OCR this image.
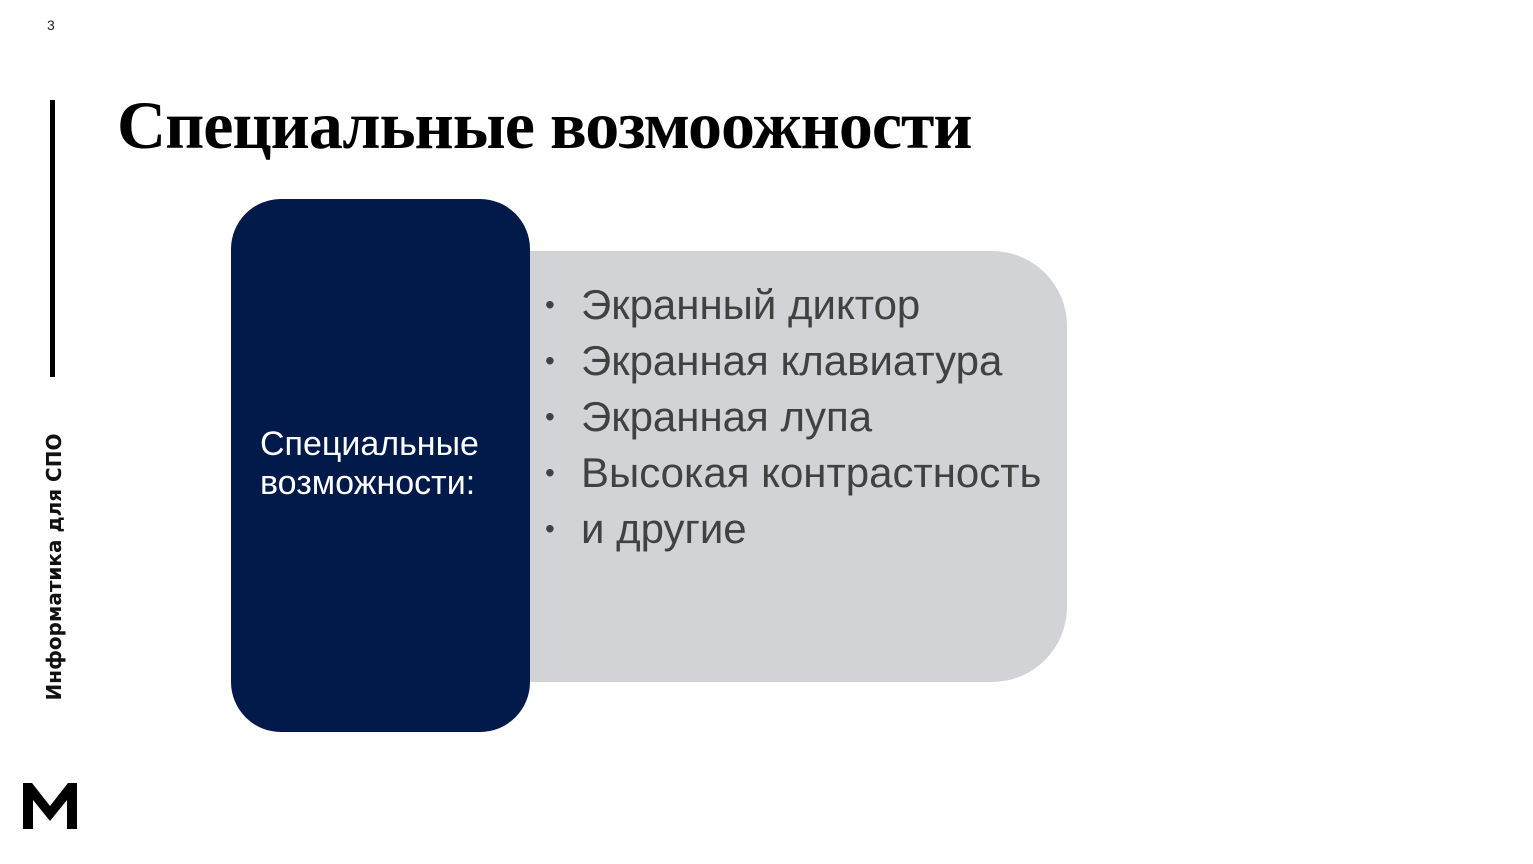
3
Информатика для СПО
Специальные возмоожности
• Экранный диктор
• Экранная клавиатура
• Экранная лупа
• Высокая контрастность
• и другие
Специальные возможности:
